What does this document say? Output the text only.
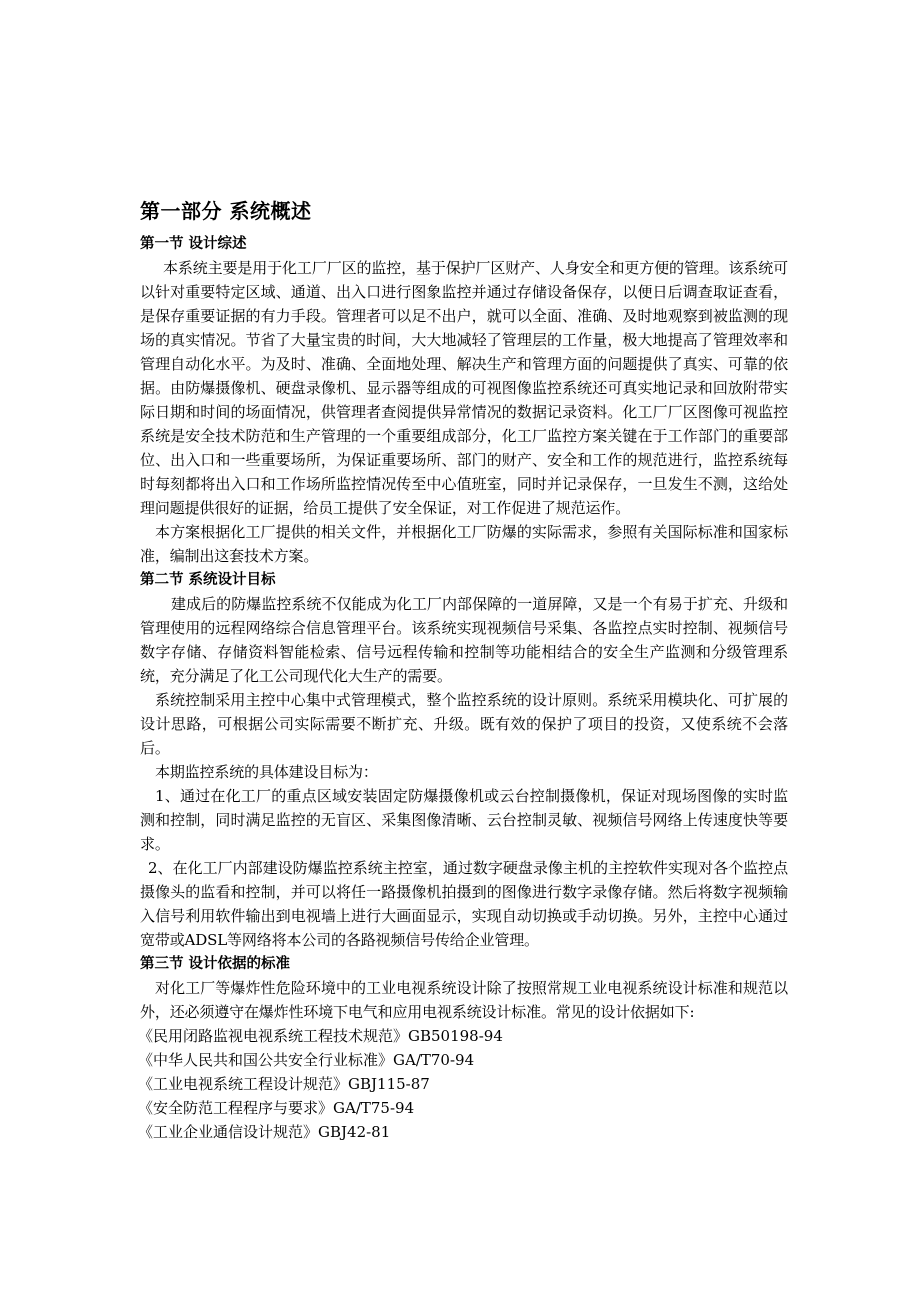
第一部分 系统概述
第一节 设计综述

本系统主要是用于化工厂厂区的监控，基于保护厂区财产、人身安全和更方便的管理。该系统可以针对重要特定区域、通道、出入口进行图象监控并通过存储设备保存，以便日后调查取证查看，是保存重要证据的有力手段。管理者可以足不出户，就可以全面、准确、及时地观察到被监测的现场的真实情况。节省了大量宝贵的时间，大大地减轻了管理层的工作量，极大地提高了管理效率和管理自动化水平。为及时、准确、全面地处理、解决生产和管理方面的问题提供了真实、可靠的依据。由防爆摄像机、硬盘录像机、显示器等组成的可视图像监控系统还可真实地记录和回放附带实际日期和时间的场面情况，供管理者查阅提供异常情况的数据记录资料。化工厂厂区图像可视监控系统是安全技术防范和生产管理的一个重要组成部分，化工厂监控方案关键在于工作部门的重要部位、出入口和一些重要场所，为保证重要场所、部门的财产、安全和工作的规范进行，监控系统每时每刻都将出入口和工作场所监控情况传至中心值班室，同时并记录保存，一旦发生不测，这给处理问题提供很好的证据，给员工提供了安全保证，对工作促进了规范运作。

本方案根据化工厂提供的相关文件，并根据化工厂防爆的实际需求，参照有关国际标准和国家标准，编制出这套技术方案。

第二节 系统设计目标

建成后的防爆监控系统不仅能成为化工厂内部保障的一道屏障，又是一个有易于扩充、升级和管理使用的远程网络综合信息管理平台。该系统实现视频信号采集、各监控点实时控制、视频信号数字存储、存储资料智能检索、信号远程传输和控制等功能相结合的安全生产监测和分级管理系统，充分满足了化工公司现代化大生产的需要。

系统控制采用主控中心集中式管理模式，整个监控系统的设计原则。系统采用模块化、可扩展的设计思路，可根据公司实际需要不断扩充、升级。既有效的保护了项目的投资，又使系统不会落后。

本期监控系统的具体建设目标为：

1、通过在化工厂的重点区域安装固定防爆摄像机或云台控制摄像机，保证对现场图像的实时监测和控制，同时满足监控的无盲区、采集图像清晰、云台控制灵敏、视频信号网络上传速度快等要求。

2、在化工厂内部建设防爆监控系统主控室，通过数字硬盘录像主机的主控软件实现对各个监控点摄像头的监看和控制，并可以将任一路摄像机拍摄到的图像进行数字录像存储。然后将数字视频输入信号利用软件输出到电视墙上进行大画面显示，实现自动切换或手动切换。另外，主控中心通过宽带或ADSL等网络将本公司的各路视频信号传给企业管理。

第三节 设计依据的标准

对化工厂等爆炸性危险环境中的工业电视系统设计除了按照常规工业电视系统设计标准和规范以外，还必须遵守在爆炸性环境下电气和应用电视系统设计标准。常见的设计依据如下:

《民用闭路监视电视系统工程技术规范》GB50198-94

《中华人民共和国公共安全行业标准》GA/T70-94

《工业电视系统工程设计规范》GBJ115-87

《安全防范工程程序与要求》GA/T75-94

《工业企业通信设计规范》GBJ42-81
